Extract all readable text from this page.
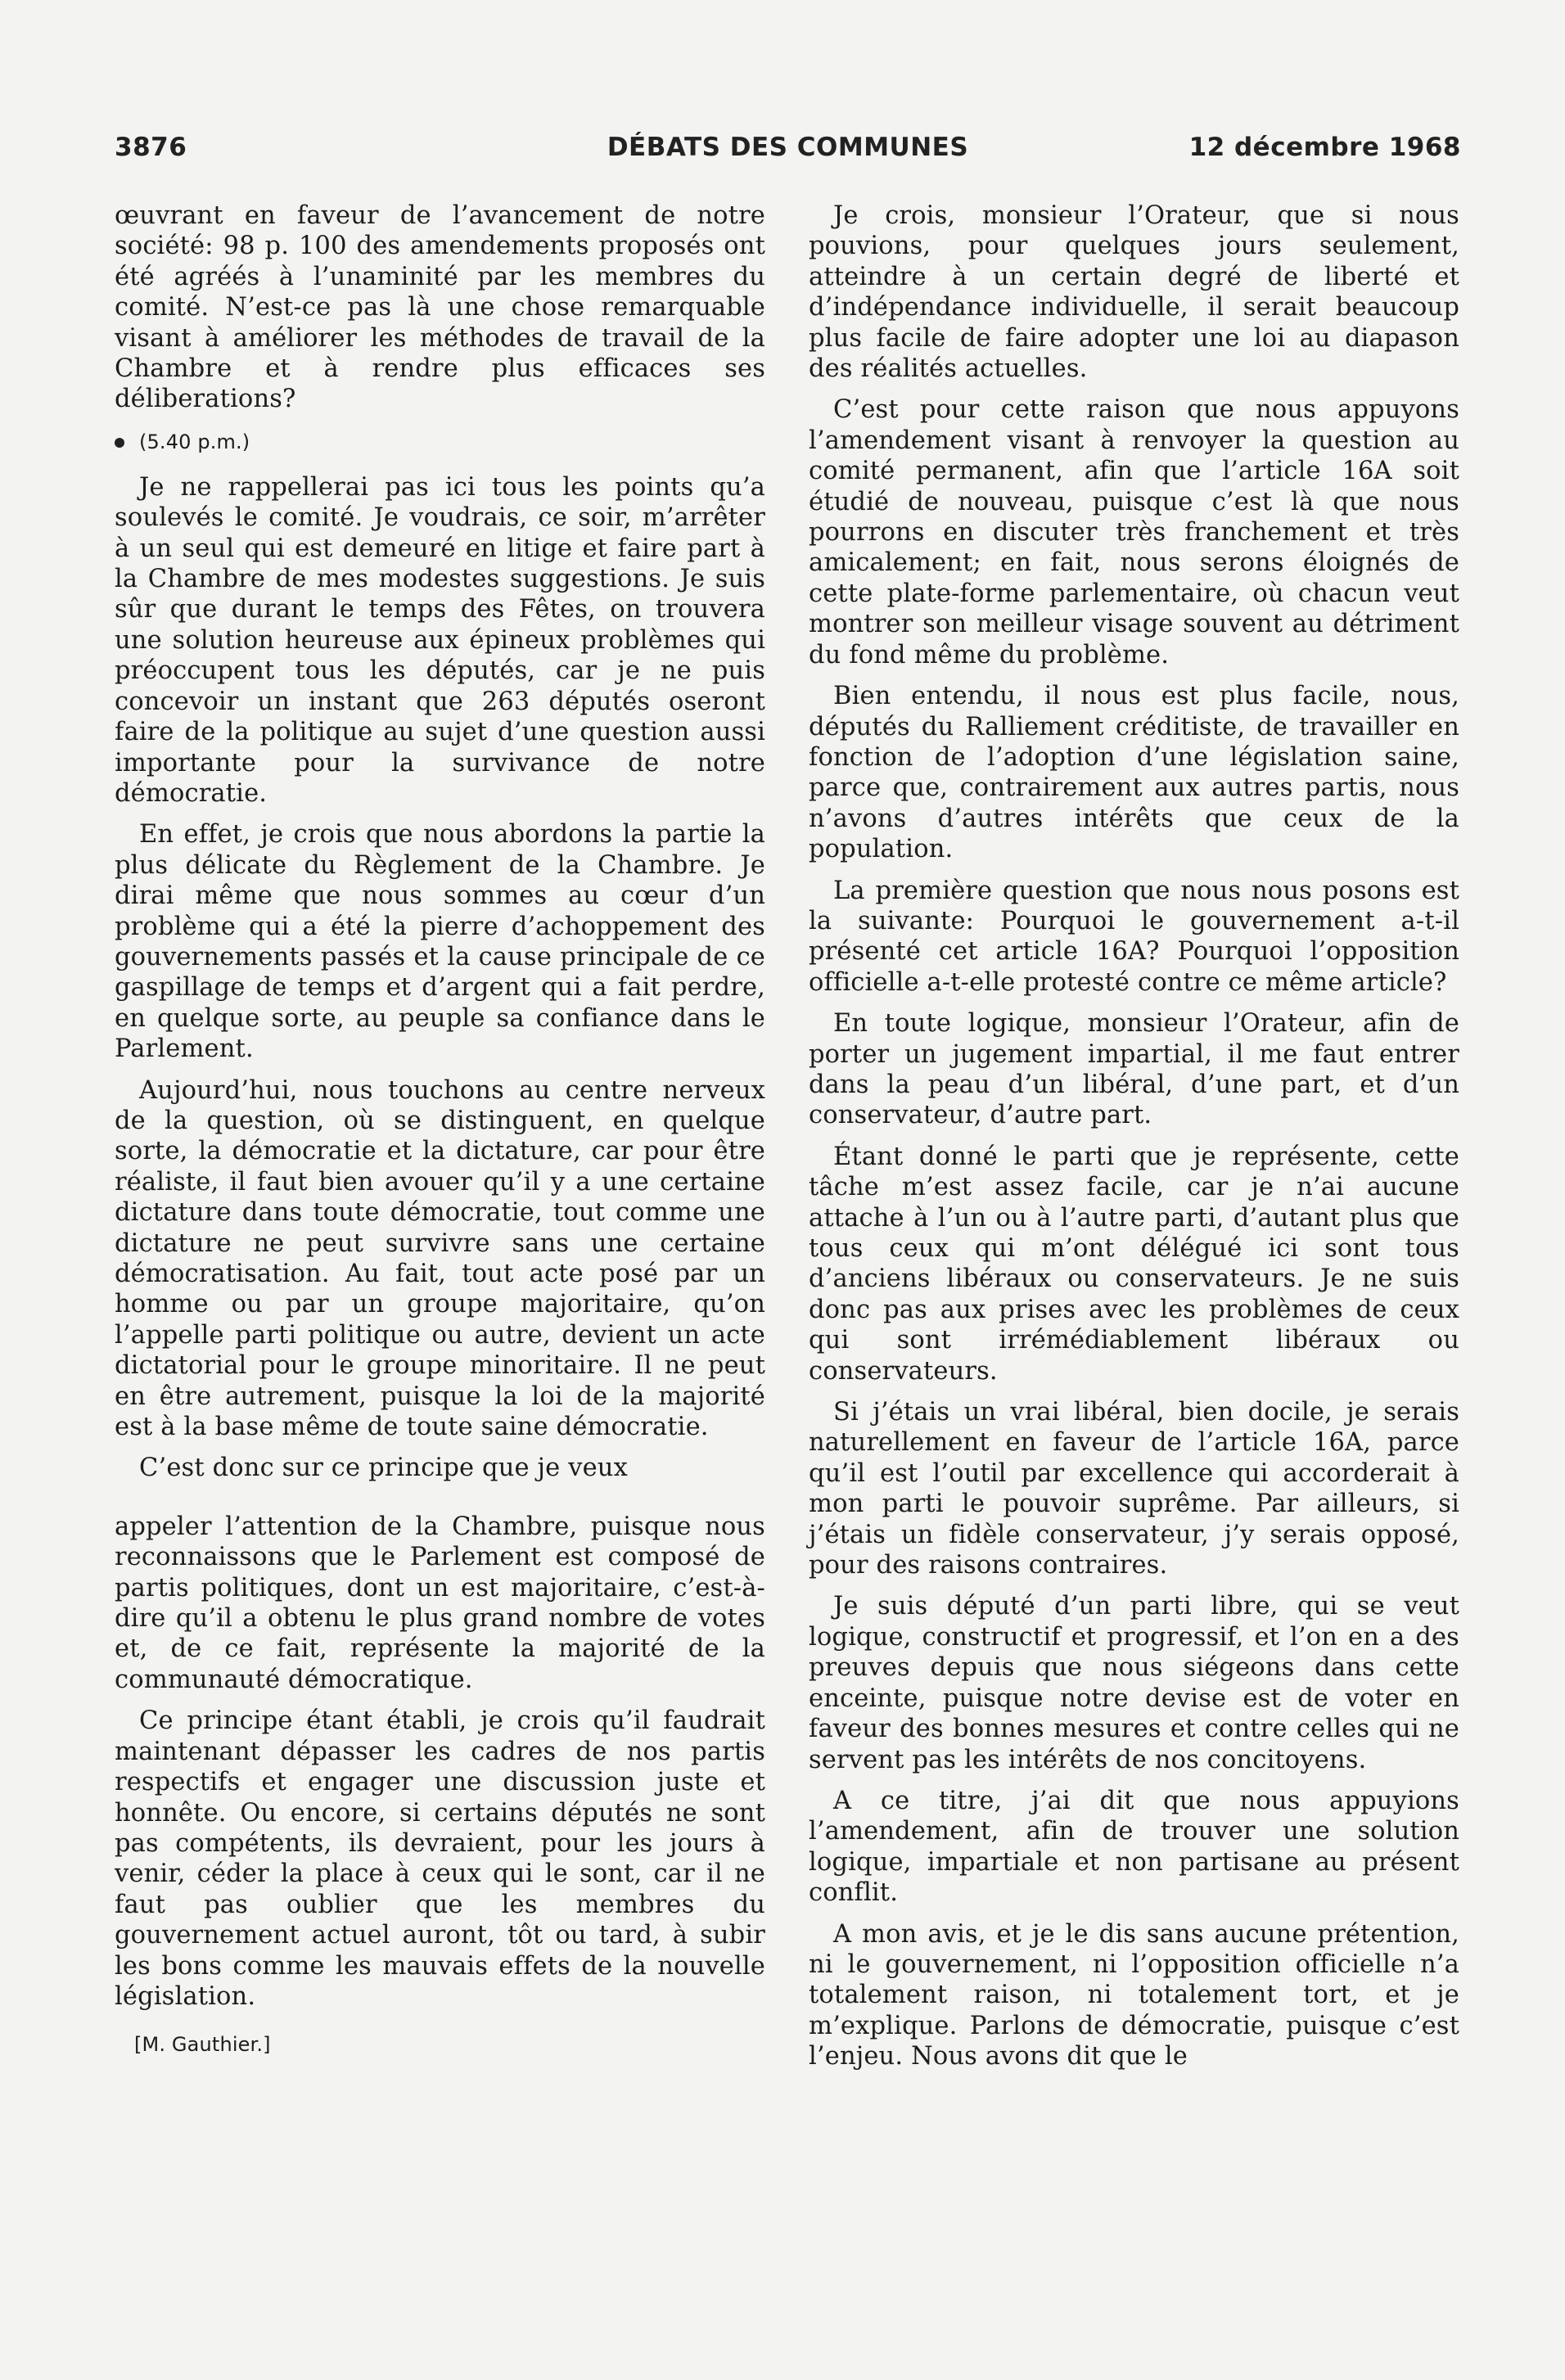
3876	DÉBATS DES COMMUNES	12 décembre 1968

œuvrant en faveur de l’avancement de notre société: 98 p. 100 des amendements proposés ont été agréés à l’unaminité par les membres du comité. N’est-ce pas là une chose remarquable visant à améliorer les méthodes de travail de la Chambre et à rendre plus efficaces ses déliberations?

(5.40 p.m.)

Je ne rappellerai pas ici tous les points qu’a soulevés le comité. Je voudrais, ce soir, m’arrêter à un seul qui est demeuré en litige et faire part à la Chambre de mes modestes suggestions. Je suis sûr que durant le temps des Fêtes, on trouvera une solution heureuse aux épineux problèmes qui préoccupent tous les députés, car je ne puis concevoir un instant que 263 députés oseront faire de la politique au sujet d’une question aussi importante pour la survivance de notre démocratie.

En effet, je crois que nous abordons la partie la plus délicate du Règlement de la Chambre. Je dirai même que nous sommes au cœur d’un problème qui a été la pierre d’achoppement des gouvernements passés et la cause principale de ce gaspillage de temps et d’argent qui a fait perdre, en quelque sorte, au peuple sa confiance dans le Parlement.

Aujourd’hui, nous touchons au centre nerveux de la question, où se distinguent, en quelque sorte, la démocratie et la dictature, car pour être réaliste, il faut bien avouer qu’il y a une certaine dictature dans toute démocratie, tout comme une dictature ne peut survivre sans une certaine démocratisation. Au fait, tout acte posé par un homme ou par un groupe majoritaire, qu’on l’appelle parti politique ou autre, devient un acte dictatorial pour le groupe minoritaire. Il ne peut en être autrement, puisque la loi de la majorité est à la base même de toute saine démocratie.

C’est donc sur ce principe que je veux

appeler l’attention de la Chambre, puisque nous reconnaissons que le Parlement est composé de partis politiques, dont un est majoritaire, c’est-à-dire qu’il a obtenu le plus grand nombre de votes et, de ce fait, représente la majorité de la communauté démocratique.

Ce principe étant établi, je crois qu’il faudrait maintenant dépasser les cadres de nos partis respectifs et engager une discussion juste et honnête. Ou encore, si certains députés ne sont pas compétents, ils devraient, pour les jours à venir, céder la place à ceux qui le sont, car il ne faut pas oublier que les membres du gouvernement actuel auront, tôt ou tard, à subir les bons comme les mauvais effets de la nouvelle législation.

[M. Gauthier.]

Je crois, monsieur l’Orateur, que si nous pouvions, pour quelques jours seulement, atteindre à un certain degré de liberté et d’indépendance individuelle, il serait beaucoup plus facile de faire adopter une loi au diapason des réalités actuelles.

C’est pour cette raison que nous appuyons l’amendement visant à renvoyer la question au comité permanent, afin que l’article 16A soit étudié de nouveau, puisque c’est là que nous pourrons en discuter très franchement et très amicalement; en fait, nous serons éloignés de cette plate-forme parlementaire, où chacun veut montrer son meilleur visage souvent au détriment du fond même du problème.

Bien entendu, il nous est plus facile, nous, députés du Ralliement créditiste, de travailler en fonction de l’adoption d’une législation saine, parce que, contrairement aux autres partis, nous n’avons d’autres intérêts que ceux de la population.

La première question que nous nous posons est la suivante: Pourquoi le gouvernement a-t-il présenté cet article 16A? Pourquoi l’opposition officielle a-t-elle protesté contre ce même article?

En toute logique, monsieur l’Orateur, afin de porter un jugement impartial, il me faut entrer dans la peau d’un libéral, d’une part, et d’un conservateur, d’autre part.

Étant donné le parti que je représente, cette tâche m’est assez facile, car je n’ai aucune attache à l’un ou à l’autre parti, d’autant plus que tous ceux qui m’ont délégué ici sont tous d’anciens libéraux ou conservateurs. Je ne suis donc pas aux prises avec les problèmes de ceux qui sont irrémédiablement libéraux ou conservateurs.

Si j’étais un vrai libéral, bien docile, je serais naturellement en faveur de l’article 16A, parce qu’il est l’outil par excellence qui accorderait à mon parti le pouvoir suprême. Par ailleurs, si j’étais un fidèle conservateur, j’y serais opposé, pour des raisons contraires.

Je suis député d’un parti libre, qui se veut logique, constructif et progressif, et l’on en a des preuves depuis que nous siégeons dans cette enceinte, puisque notre devise est de voter en faveur des bonnes mesures et contre celles qui ne servent pas les intérêts de nos concitoyens.

A ce titre, j’ai dit que nous appuyions l’amendement, afin de trouver une solution logique, impartiale et non partisane au présent conflit.

A mon avis, et je le dis sans aucune prétention, ni le gouvernement, ni l’opposition officielle n’a totalement raison, ni totalement tort, et je m’explique. Parlons de démocratie, puisque c’est l’enjeu. Nous avons dit que le
